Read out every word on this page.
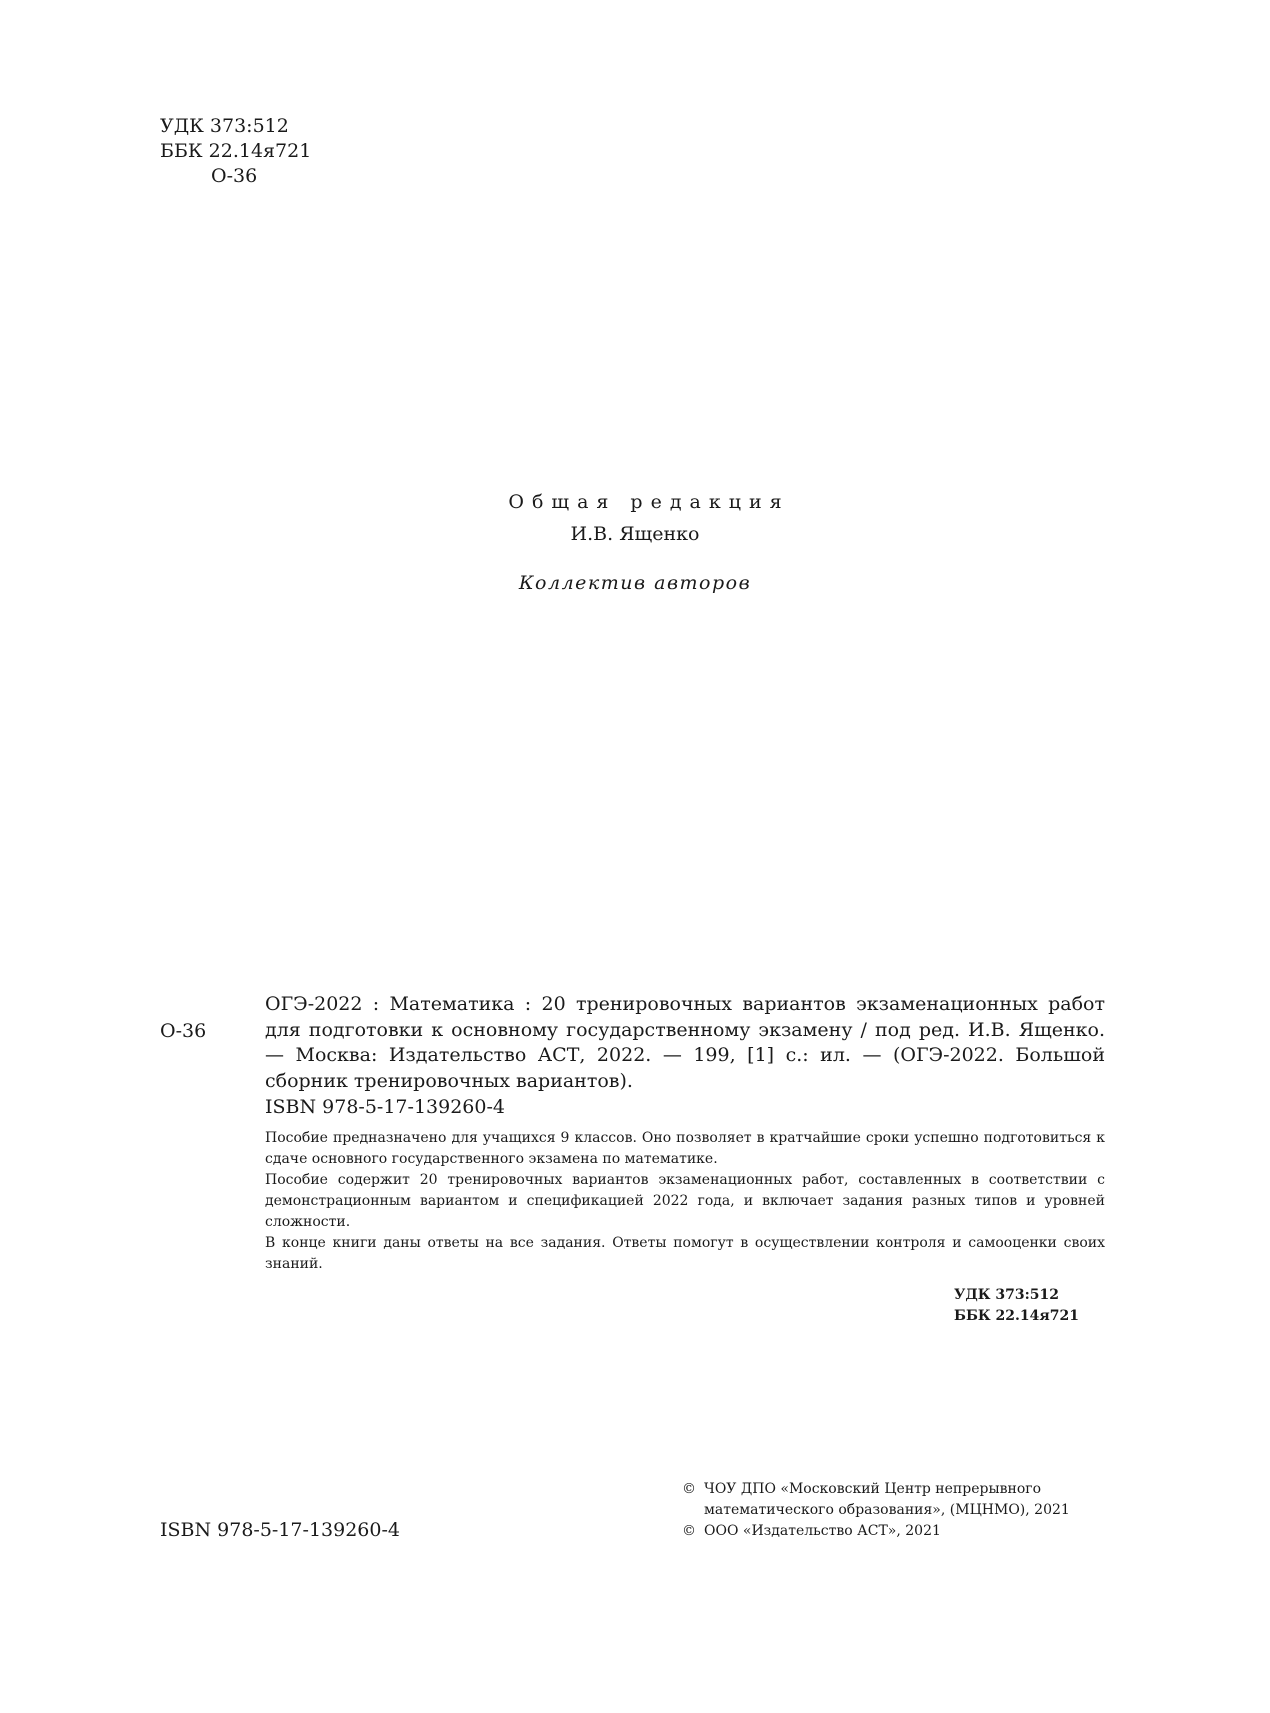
УДК 373:512
ББК 22.14я721
О-36
Общая редакция
И.В. Ященко
Коллектив авторов
О-36

ОГЭ-2022 : Математика : 20 тренировочных вариантов экзаменационных работ для подготовки к основному государственному экзамену / под ред. И.В. Ященко. — Москва: Издательство АСТ, 2022. — 199, [1] с.: ил. — (ОГЭ-2022. Большой сборник тренировочных вариантов).

ISBN 978-5-17-139260-4

Пособие предназначено для учащихся 9 классов. Оно позволяет в кратчайшие сроки успешно подготовиться к сдаче основного государственного экзамена по математике.

Пособие содержит 20 тренировочных вариантов экзаменационных работ, составленных в соответствии с демонстрационным вариантом и спецификацией 2022 года, и включает задания разных типов и уровней сложности.

В конце книги даны ответы на все задания. Ответы помогут в осуществлении контроля и самооценки своих знаний.

УДК 373:512
ББК 22.14я721
ISBN 978-5-17-139260-4
© ЧОУ ДПО «Московский Центр непрерывного
математического образования», (МЦНМО), 2021
© ООО «Издательство АСТ», 2021
